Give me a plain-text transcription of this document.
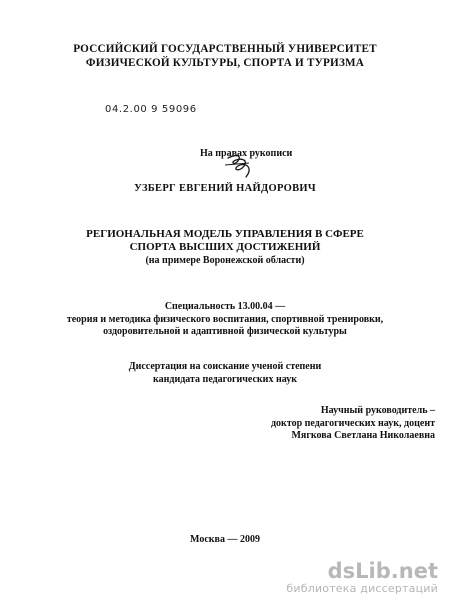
РОССИЙСКИЙ ГОСУДАРСТВЕННЫЙ УНИВЕРСИТЕТ
ФИЗИЧЕСКОЙ КУЛЬТУРЫ, СПОРТА И ТУРИЗМА
04.2.00 9 59096
На правах рукописи
УЗБЕРГ ЕВГЕНИЙ НАЙДОРОВИЧ
РЕГИОНАЛЬНАЯ МОДЕЛЬ УПРАВЛЕНИЯ В СФЕРЕ
СПОРТА ВЫСШИХ ДОСТИЖЕНИЙ
(на примере Воронежской области)
Специальность 13.00.04 —
теория и методика физического воспитания, спортивной тренировки,
оздоровительной и адаптивной физической культуры
Диссертация на соискание ученой степени
кандидата педагогических наук
Научный руководитель –
доктор педагогических наук, доцент
Мягкова Светлана Николаевна
Москва — 2009
dsLib.net
библиотека диссертаций
